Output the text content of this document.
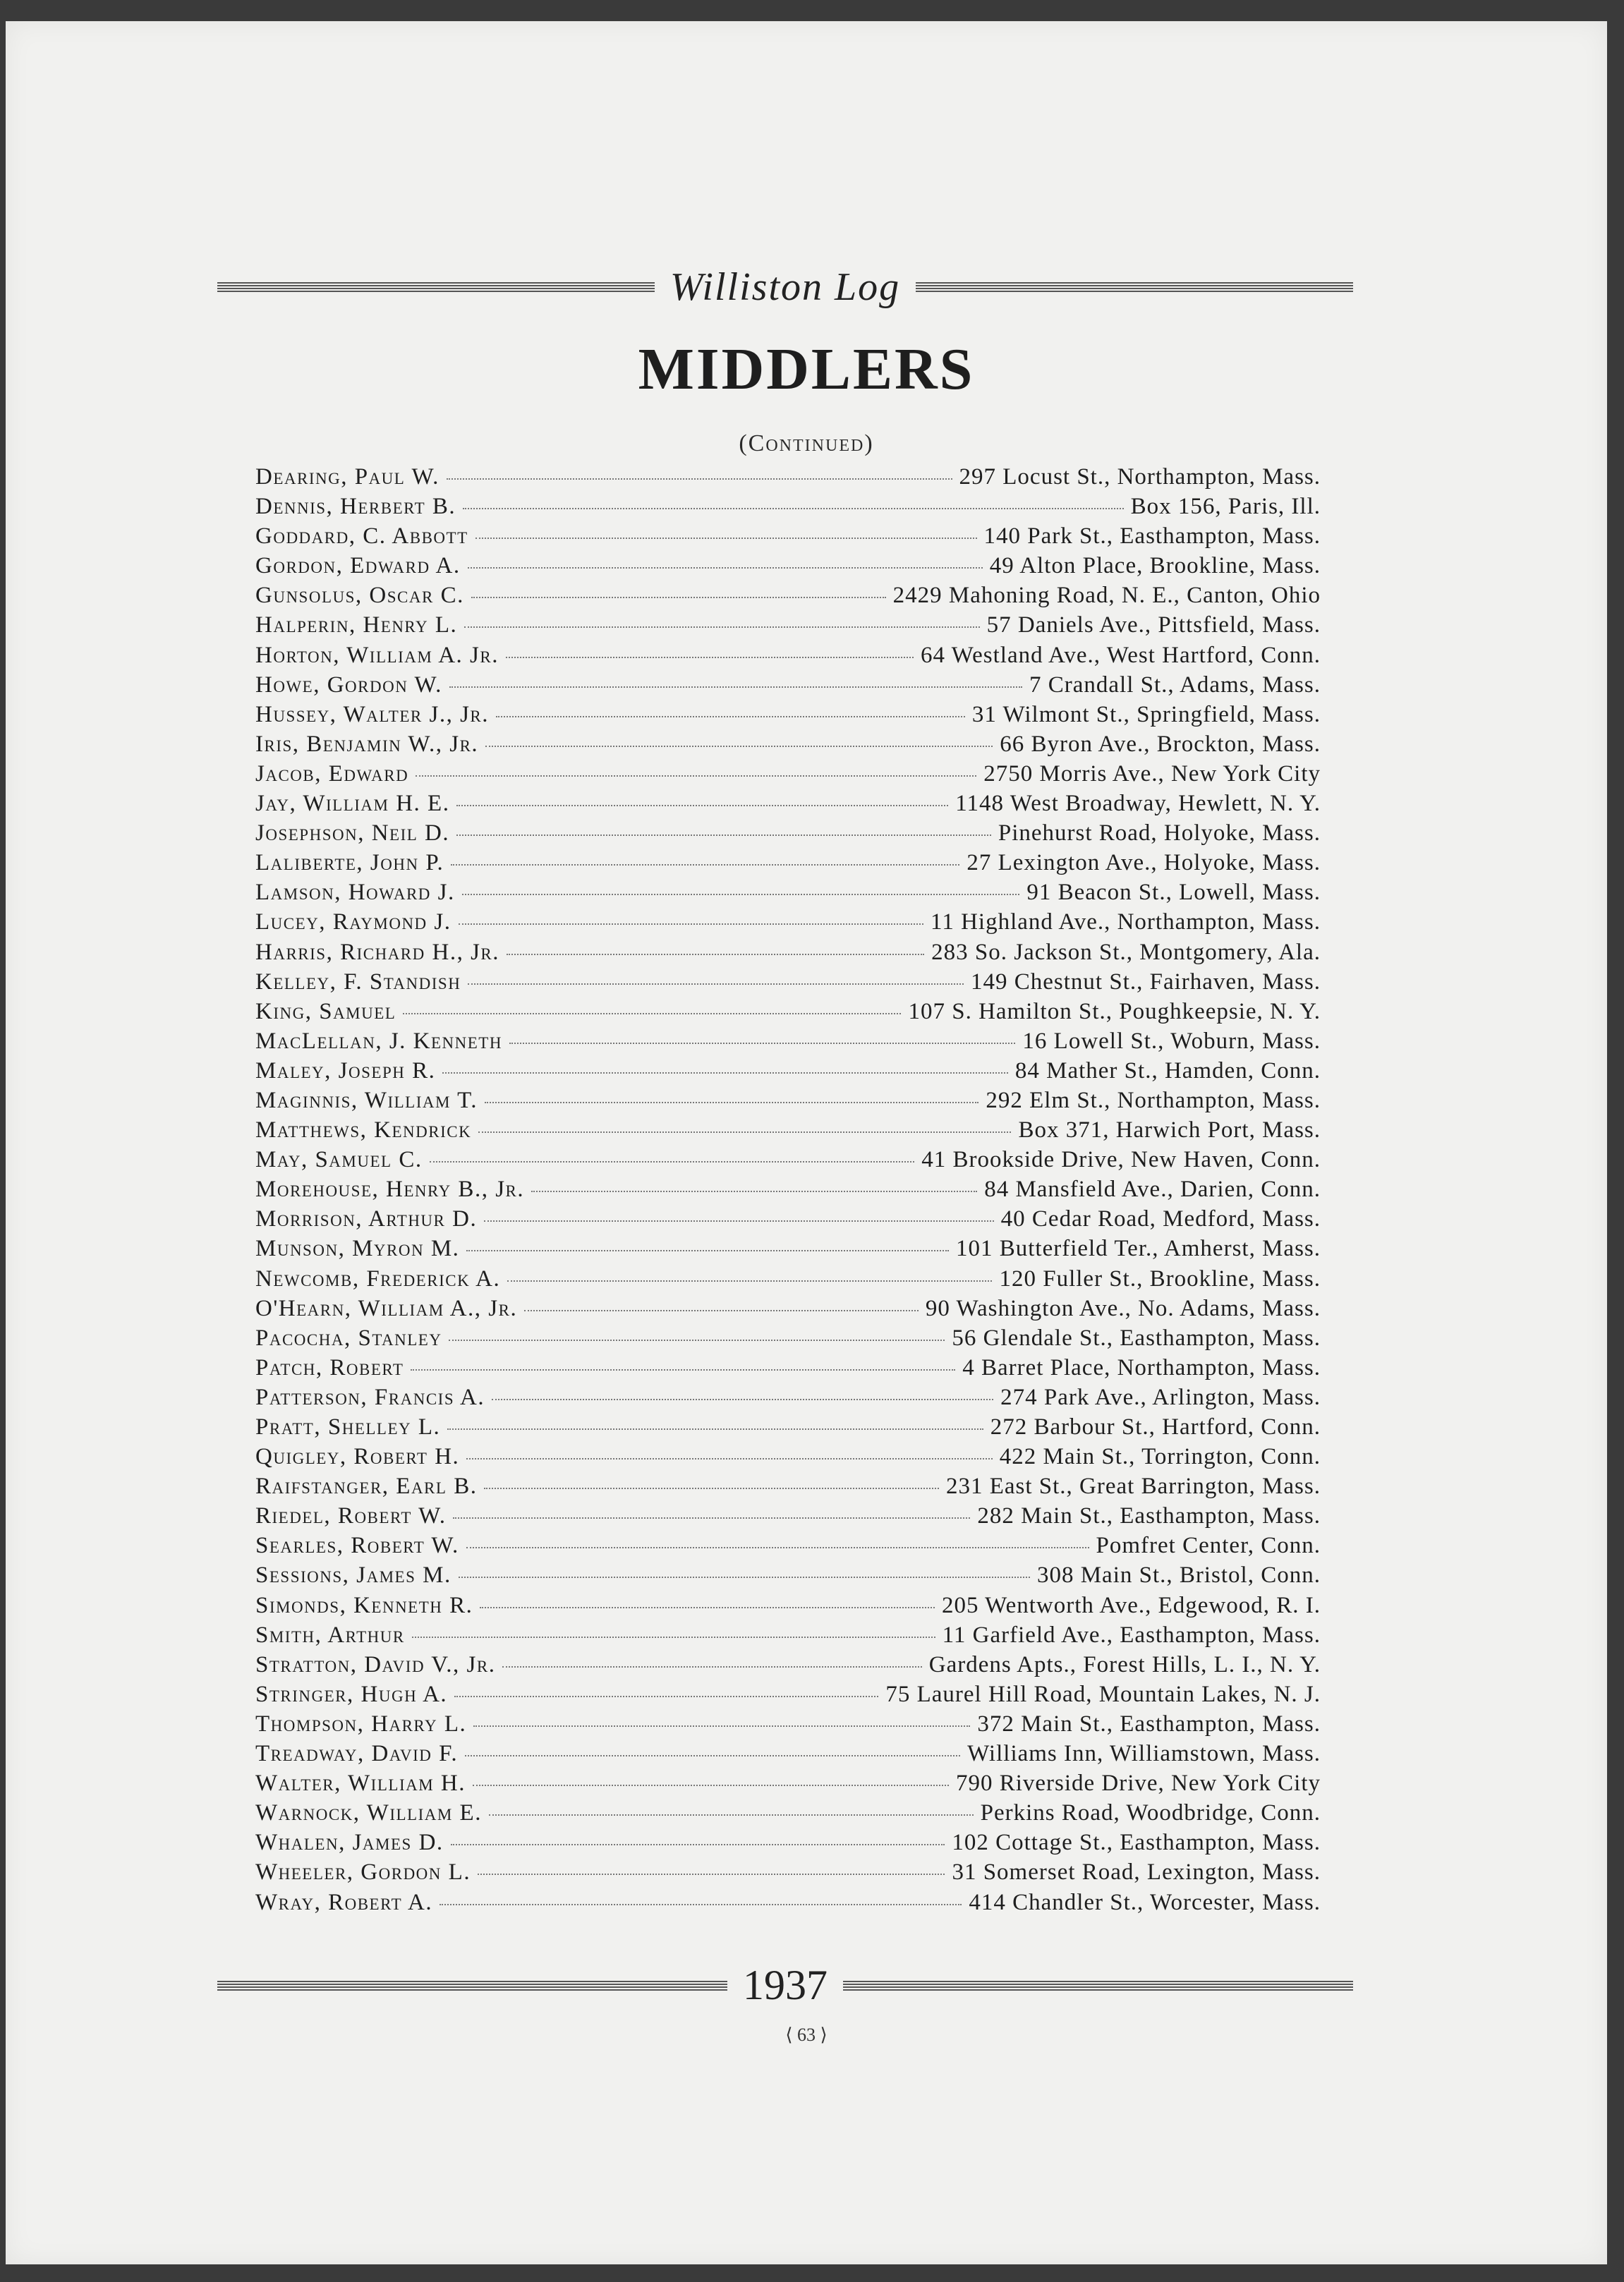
Williston Log
MIDDLERS
(Continued)
Dearing, Paul W.	297 Locust St., Northampton, Mass.
Dennis, Herbert B.	Box 156, Paris, Ill.
Goddard, C. Abbott	140 Park St., Easthampton, Mass.
Gordon, Edward A.	49 Alton Place, Brookline, Mass.
Gunsolus, Oscar C.	2429 Mahoning Road, N. E., Canton, Ohio
Halperin, Henry L.	57 Daniels Ave., Pittsfield, Mass.
Horton, William A. Jr.	64 Westland Ave., West Hartford, Conn.
Howe, Gordon W.	7 Crandall St., Adams, Mass.
Hussey, Walter J., Jr.	31 Wilmont St., Springfield, Mass.
Iris, Benjamin W., Jr.	66 Byron Ave., Brockton, Mass.
Jacob, Edward	2750 Morris Ave., New York City
Jay, William H. E.	1148 West Broadway, Hewlett, N. Y.
Josephson, Neil D.	Pinehurst Road, Holyoke, Mass.
Laliberte, John P.	27 Lexington Ave., Holyoke, Mass.
Lamson, Howard J.	91 Beacon St., Lowell, Mass.
Lucey, Raymond J.	11 Highland Ave., Northampton, Mass.
Harris, Richard H., Jr.	283 So. Jackson St., Montgomery, Ala.
Kelley, F. Standish	149 Chestnut St., Fairhaven, Mass.
King, Samuel	107 S. Hamilton St., Poughkeepsie, N. Y.
MacLellan, J. Kenneth	16 Lowell St., Woburn, Mass.
Maley, Joseph R.	84 Mather St., Hamden, Conn.
Maginnis, William T.	292 Elm St., Northampton, Mass.
Matthews, Kendrick	Box 371, Harwich Port, Mass.
May, Samuel C.	41 Brookside Drive, New Haven, Conn.
Morehouse, Henry B., Jr.	84 Mansfield Ave., Darien, Conn.
Morrison, Arthur D.	40 Cedar Road, Medford, Mass.
Munson, Myron M.	101 Butterfield Ter., Amherst, Mass.
Newcomb, Frederick A.	120 Fuller St., Brookline, Mass.
O'Hearn, William A., Jr.	90 Washington Ave., No. Adams, Mass.
Pacocha, Stanley	56 Glendale St., Easthampton, Mass.
Patch, Robert	4 Barret Place, Northampton, Mass.
Patterson, Francis A.	274 Park Ave., Arlington, Mass.
Pratt, Shelley L.	272 Barbour St., Hartford, Conn.
Quigley, Robert H.	422 Main St., Torrington, Conn.
Raifstanger, Earl B.	231 East St., Great Barrington, Mass.
Riedel, Robert W.	282 Main St., Easthampton, Mass.
Searles, Robert W.	Pomfret Center, Conn.
Sessions, James M.	308 Main St., Bristol, Conn.
Simonds, Kenneth R.	205 Wentworth Ave., Edgewood, R. I.
Smith, Arthur	11 Garfield Ave., Easthampton, Mass.
Stratton, David V., Jr.	Gardens Apts., Forest Hills, L. I., N. Y.
Stringer, Hugh A.	75 Laurel Hill Road, Mountain Lakes, N. J.
Thompson, Harry L.	372 Main St., Easthampton, Mass.
Treadway, David F.	Williams Inn, Williamstown, Mass.
Walter, William H.	790 Riverside Drive, New York City
Warnock, William E.	Perkins Road, Woodbridge, Conn.
Whalen, James D.	102 Cottage St., Easthampton, Mass.
Wheeler, Gordon L.	31 Somerset Road, Lexington, Mass.
Wray, Robert A.	414 Chandler St., Worcester, Mass.
1937
⟨ 63 ⟩
